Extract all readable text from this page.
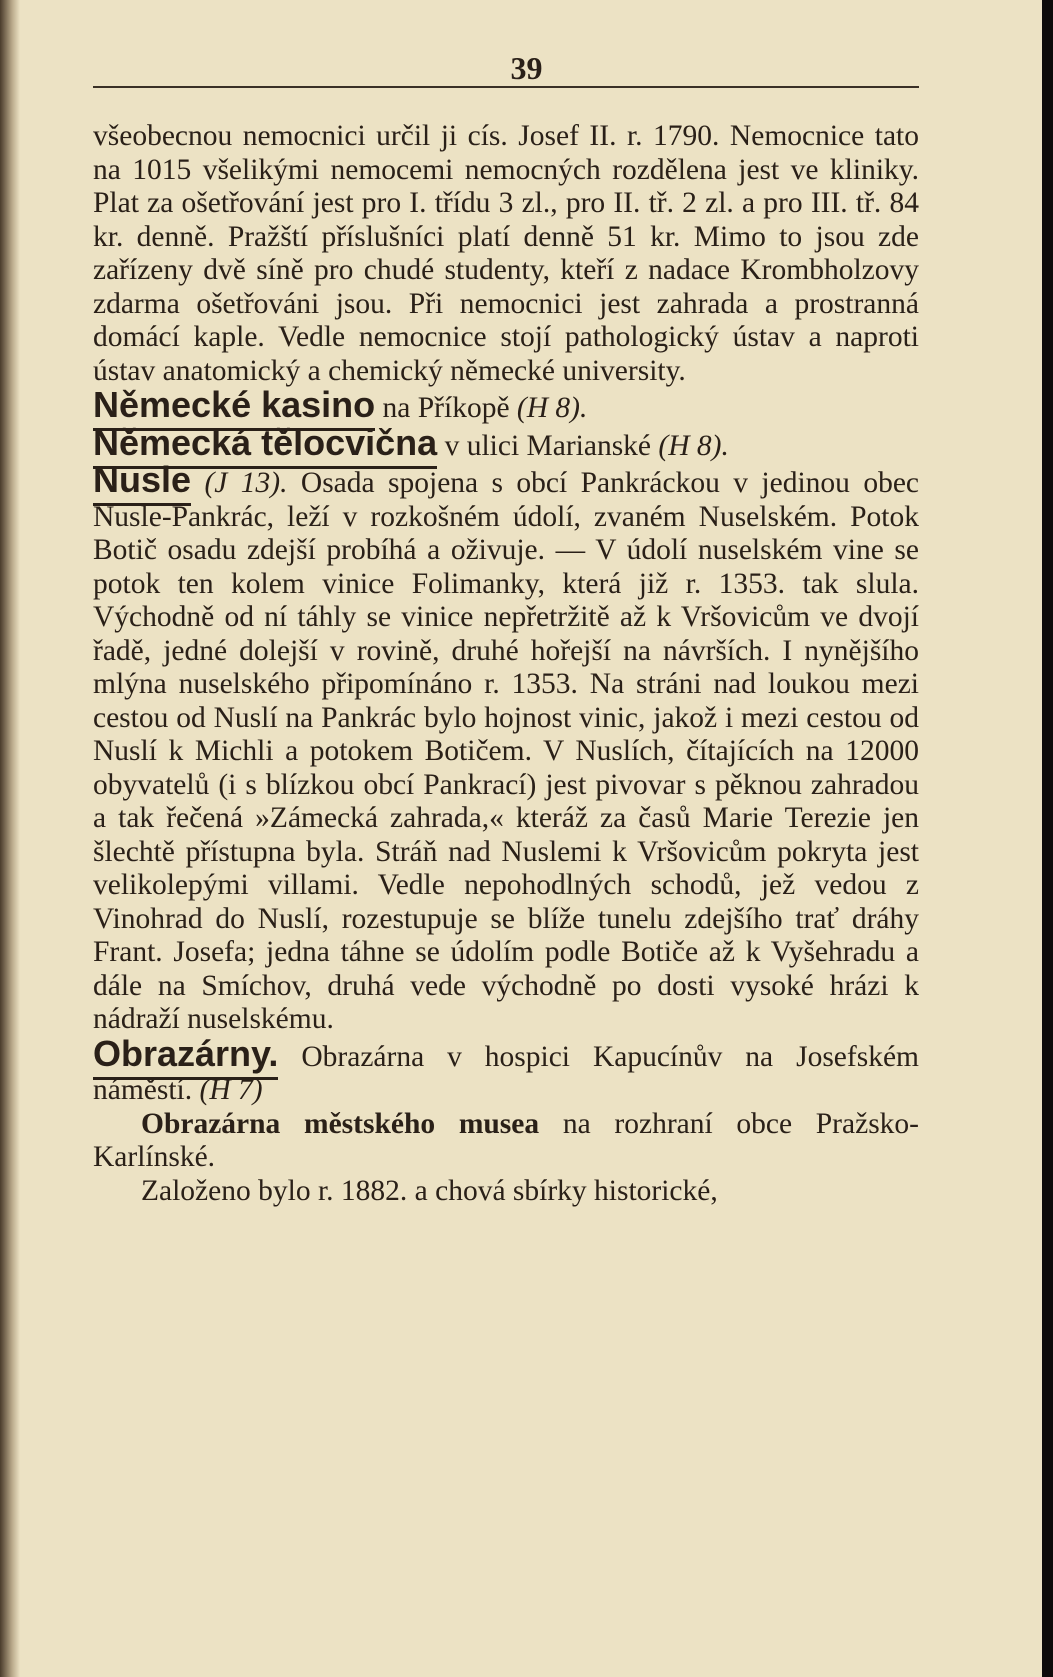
39

všeobecnou nemocnici určil ji cís. Josef II. r. 1790. Nemocnice tato na 1015 všelikými nemocemi nemocných rozdělena jest ve kliniky. Plat za ošetřování jest pro I. třídu 3 zl., pro II. tř. 2 zl. a pro III. tř. 84 kr. denně. Pražští příslušníci platí denně 51 kr. Mimo to jsou zde zařízeny dvě síně pro chudé studenty, kteří z nadace Krombholzovy zdarma ošetřováni jsou. Při nemocnici jest zahrada a prostranná domácí kaple. Vedle nemocnice stojí pathologický ústav a naproti ústav anatomický a chemický německé university.

Německé kasino na Příkopě (H 8).

Německá tělocvična v ulici Marianské (H 8).

Nusle (J 13). Osada spojena s obcí Pankráckou v jedinou obec Nusle-Pankrác, leží v rozkošném údolí, zvaném Nuselském. Potok Botič osadu zdejší probíhá a oživuje. — V údolí nuselském vine se potok ten kolem vinice Folimanky, která již r. 1353. tak slula. Východně od ní táhly se vinice nepřetržitě až k Vršovicům ve dvojí řadě, jedné dolejší v rovině, druhé hořejší na návrších. I nynějšího mlýna nuselského připomínáno r. 1353. Na stráni nad loukou mezi cestou od Nuslí na Pankrác bylo hojnost vinic, jakož i mezi cestou od Nuslí k Michli a potokem Botičem. V Nuslích, čítajících na 12000 obyvatelů (i s blízkou obcí Pankrací) jest pivovar s pěknou zahradou a tak řečená »Zámecká zahrada,« kteráž za časů Marie Terezie jen šlechtě přístupna byla. Stráň nad Nuslemi k Vršovicům pokryta jest velikolepými villami. Vedle nepohodlných schodů, jež vedou z Vinohrad do Nuslí, rozestupuje se blíže tunelu zdejšího trať dráhy Frant. Josefa; jedna táhne se údolím podle Botiče až k Vyšehradu a dále na Smíchov, druhá vede východně po dosti vysoké hrázi k nádraží nuselskému.

Obrazárny. Obrazárna v hospici Kapucínův na Josefském náměstí. (H 7)

Obrazárna městského musea na rozhraní obce Pražsko-Karlínské.

Založeno bylo r. 1882. a chová sbírky historické,
